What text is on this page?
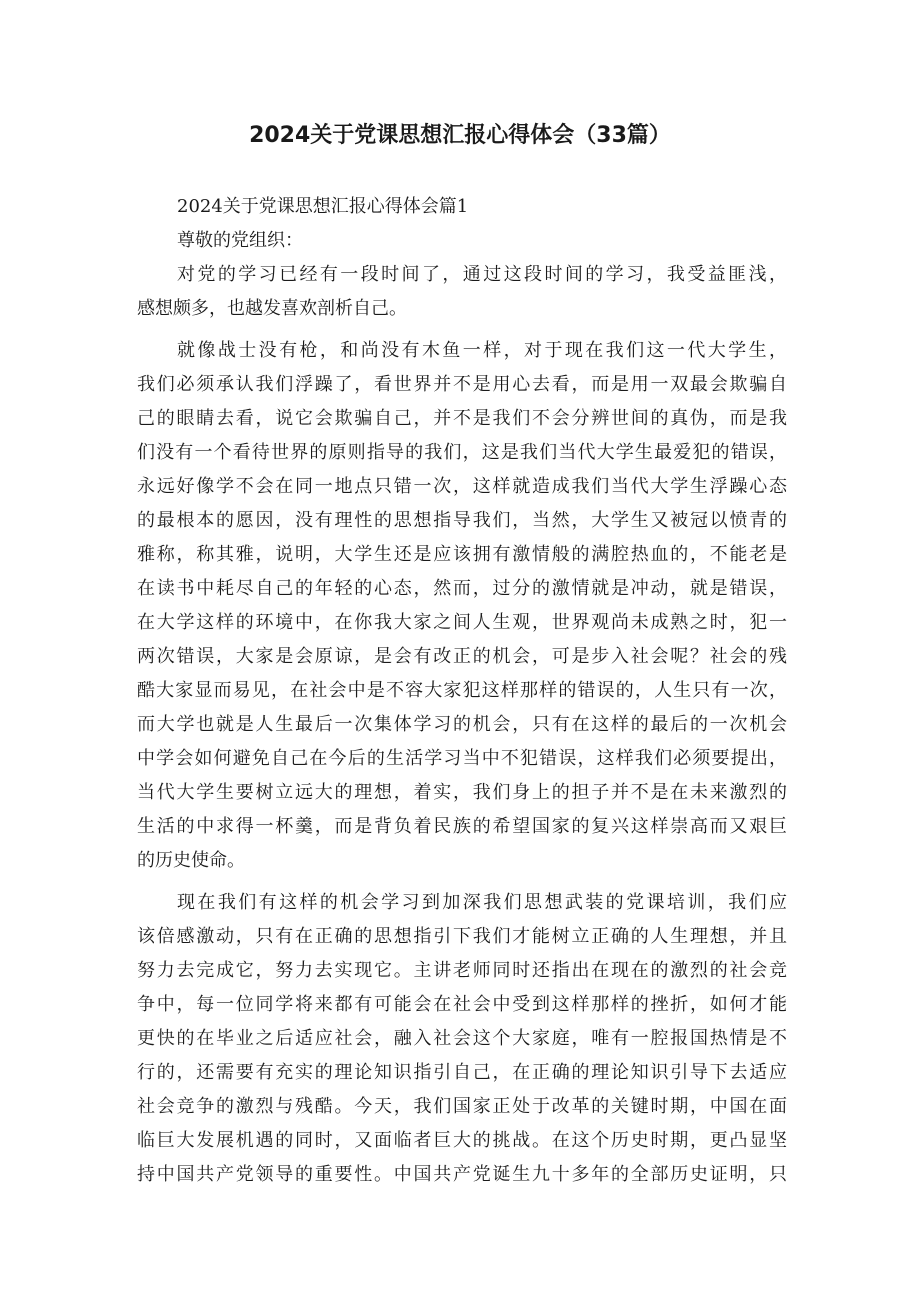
2024关于党课思想汇报心得体会（33篇）
2024关于党课思想汇报心得体会篇1
尊敬的党组织：
对党的学习已经有一段时间了，通过这段时间的学习，我受益匪浅，
感想颇多，也越发喜欢剖析自己。
就像战士没有枪，和尚没有木鱼一样，对于现在我们这一代大学生，
我们必须承认我们浮躁了，看世界并不是用心去看，而是用一双最会欺骗自
己的眼睛去看，说它会欺骗自己，并不是我们不会分辨世间的真伪，而是我
们没有一个看待世界的原则指导的我们，这是我们当代大学生最爱犯的错误，
永远好像学不会在同一地点只错一次，这样就造成我们当代大学生浮躁心态
的最根本的愿因，没有理性的思想指导我们，当然，大学生又被冠以愤青的
雅称，称其雅，说明，大学生还是应该拥有激情般的满腔热血的，不能老是
在读书中耗尽自己的年轻的心态，然而，过分的激情就是冲动，就是错误，
在大学这样的环境中，在你我大家之间人生观，世界观尚未成熟之时，犯一
两次错误，大家是会原谅，是会有改正的机会，可是步入社会呢？社会的残
酷大家显而易见，在社会中是不容大家犯这样那样的错误的，人生只有一次，
而大学也就是人生最后一次集体学习的机会，只有在这样的最后的一次机会
中学会如何避免自己在今后的生活学习当中不犯错误，这样我们必须要提出，
当代大学生要树立远大的理想，着实，我们身上的担子并不是在未来激烈的
生活的中求得一杯羹，而是背负着民族的希望国家的复兴这样崇高而又艰巨
的历史使命。
现在我们有这样的机会学习到加深我们思想武装的党课培训，我们应
该倍感激动，只有在正确的思想指引下我们才能树立正确的人生理想，并且
努力去完成它，努力去实现它。主讲老师同时还指出在现在的激烈的社会竞
争中，每一位同学将来都有可能会在社会中受到这样那样的挫折，如何才能
更快的在毕业之后适应社会，融入社会这个大家庭，唯有一腔报国热情是不
行的，还需要有充实的理论知识指引自己，在正确的理论知识引导下去适应
社会竞争的激烈与残酷。今天，我们国家正处于改革的关键时期，中国在面
临巨大发展机遇的同时，又面临者巨大的挑战。在这个历史时期，更凸显坚
持中国共产党领导的重要性。中国共产党诞生九十多年的全部历史证明，只
